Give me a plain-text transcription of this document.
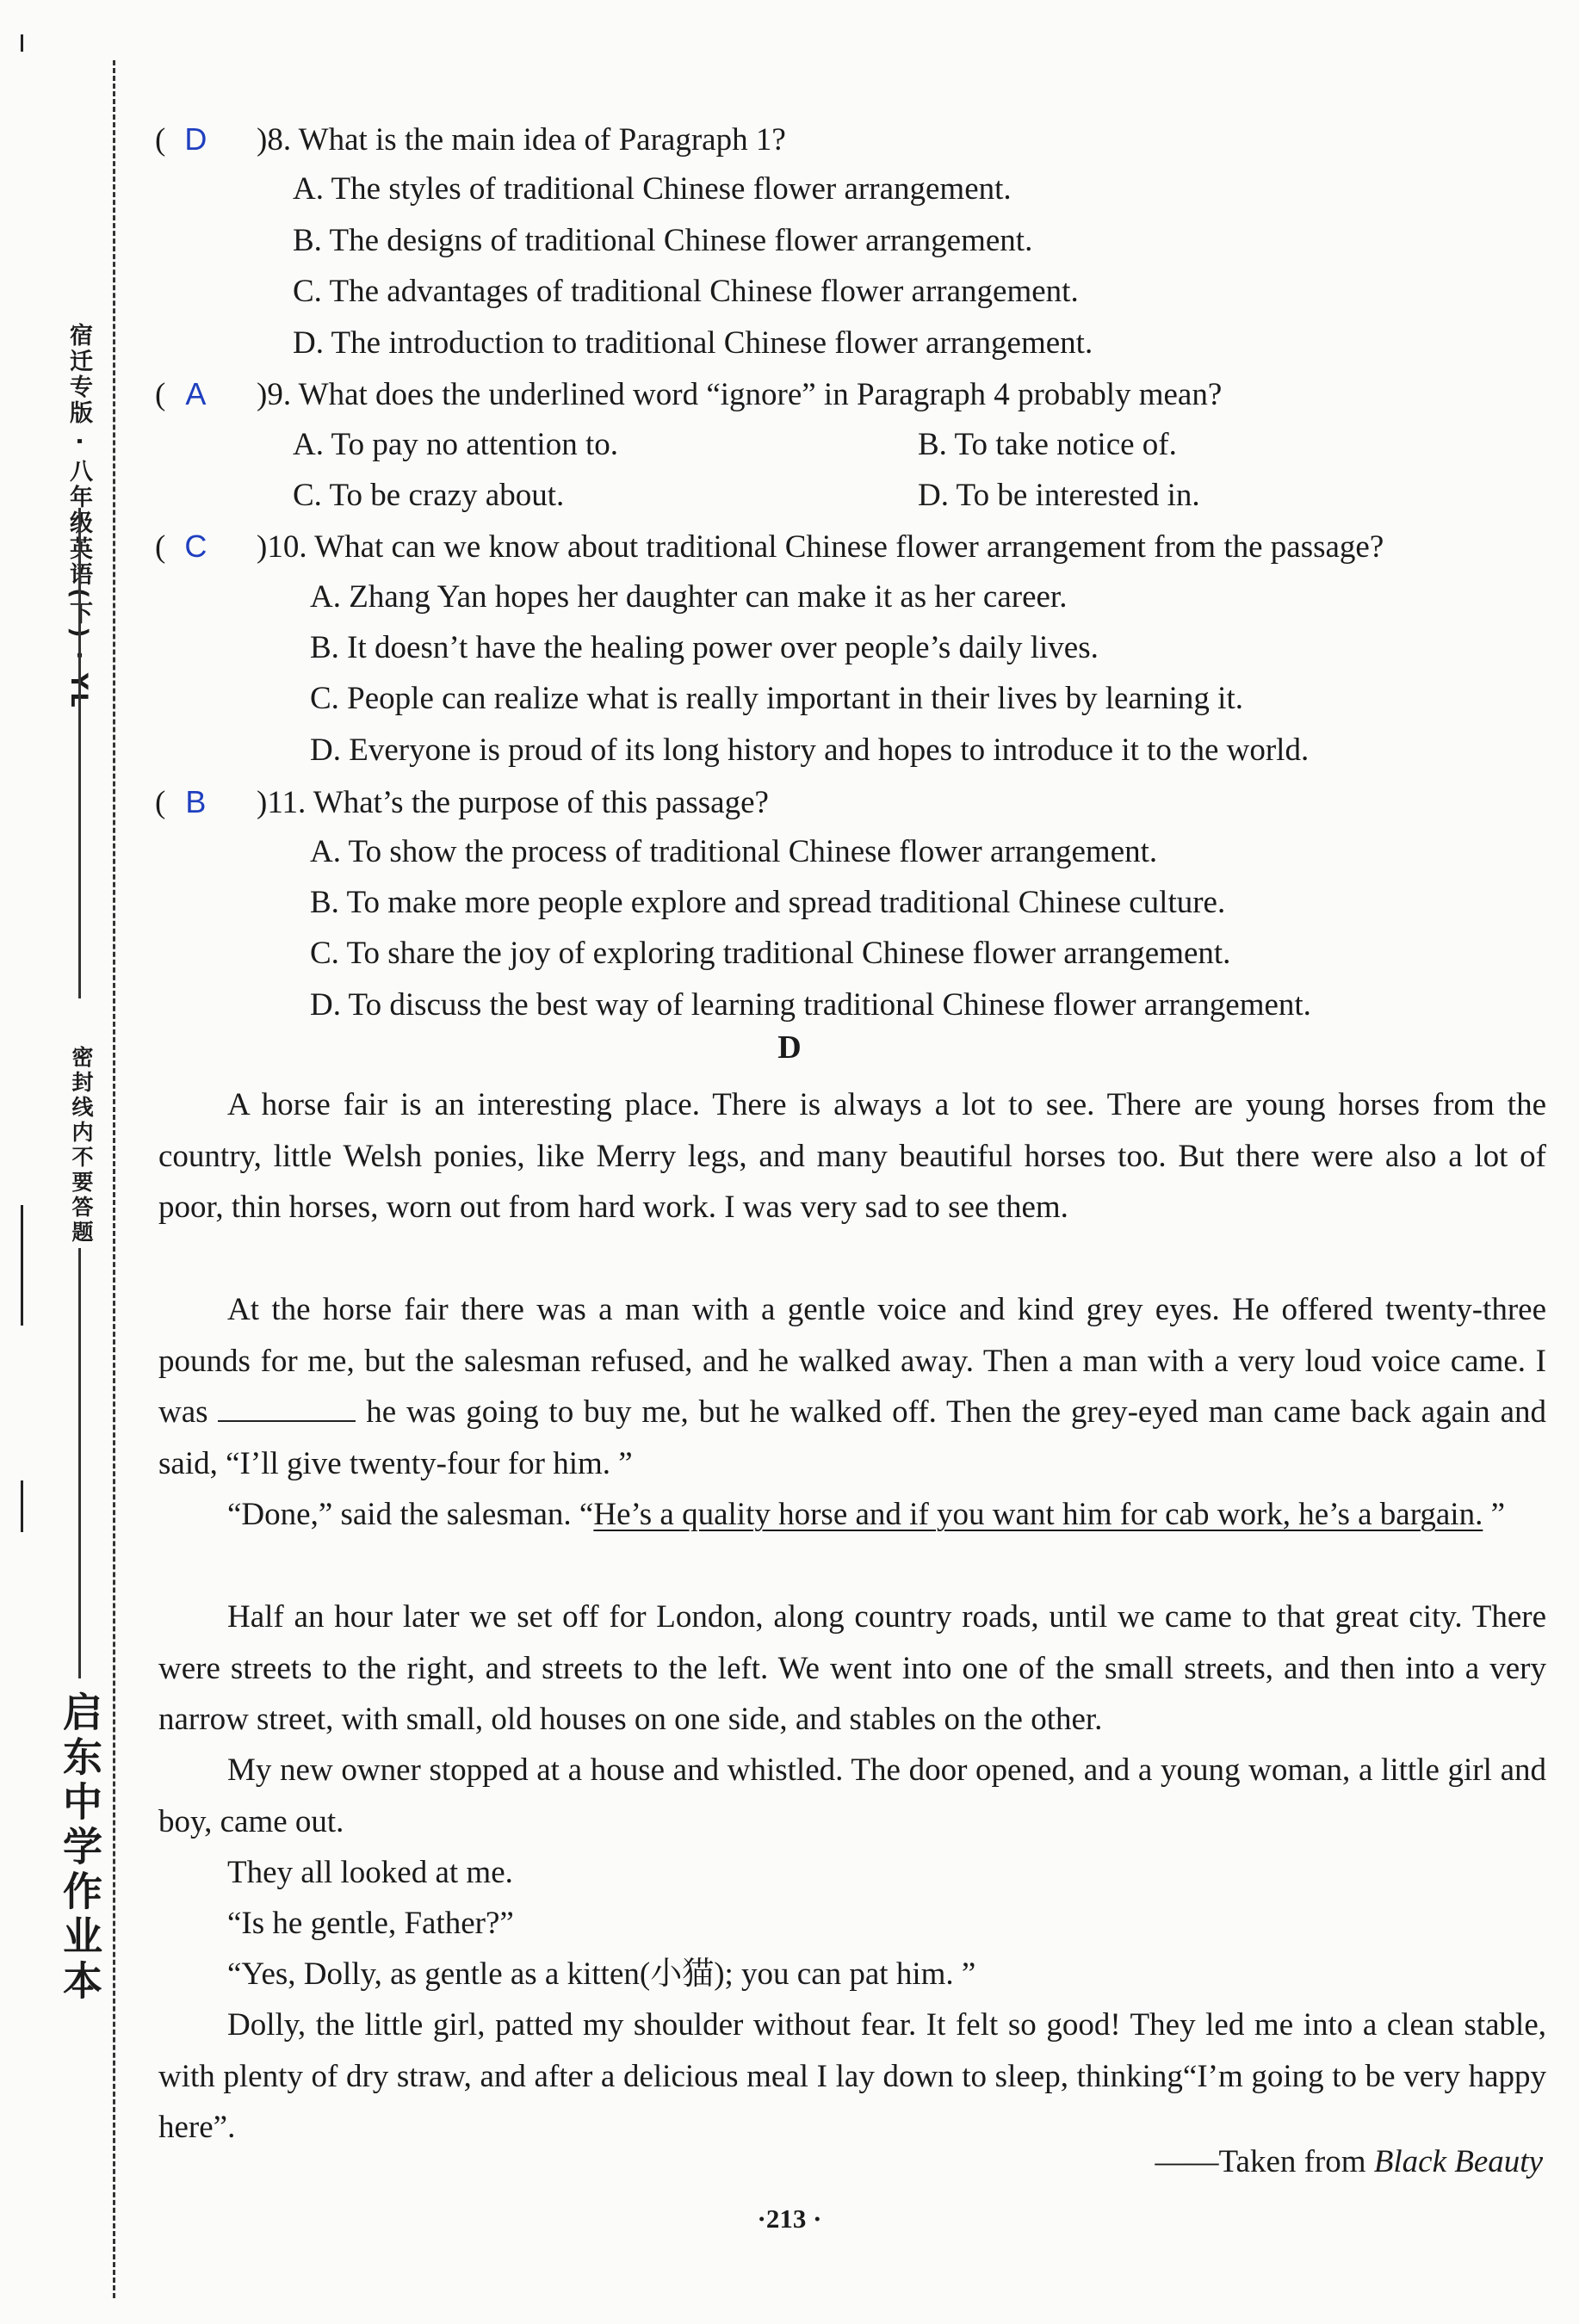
宿迁专版 · 八年级英语(下) · YL
密封线内不要答题
启东中学作业本
( D )8. What is the main idea of Paragraph 1?
A. The styles of traditional Chinese flower arrangement.
B. The designs of traditional Chinese flower arrangement.
C. The advantages of traditional Chinese flower arrangement.
D. The introduction to traditional Chinese flower arrangement.
( A )9. What does the underlined word “ignore” in Paragraph 4 probably mean?
A. To pay no attention to.	B. To take notice of.
C. To be crazy about.	D. To be interested in.
( C )10. What can we know about traditional Chinese flower arrangement from the passage?
A. Zhang Yan hopes her daughter can make it as her career.
B. It doesn’t have the healing power over people’s daily lives.
C. People can realize what is really important in their lives by learning it.
D. Everyone is proud of its long history and hopes to introduce it to the world.
( B )11. What’s the purpose of this passage?
A. To show the process of traditional Chinese flower arrangement.
B. To make more people explore and spread traditional Chinese culture.
C. To share the joy of exploring traditional Chinese flower arrangement.
D. To discuss the best way of learning traditional Chinese flower arrangement.
D
A horse fair is an interesting place. There is always a lot to see. There are young horses from the country, little Welsh ponies, like Merry legs, and many beautiful horses too. But there were also a lot of poor, thin horses, worn out from hard work. I was very sad to see them.
At the horse fair there was a man with a gentle voice and kind grey eyes. He offered twenty-three pounds for me, but the salesman refused, and he walked away. Then a man with a very loud voice came. I was	he was going to buy me, but he walked off. Then the grey-eyed man came back again and said, “I’ll give twenty-four for him. ”
“Done,” said the salesman. “He’s a quality horse and if you want him for cab work, he’s a bargain. ”
Half an hour later we set off for London, along country roads, until we came to that great city. There were streets to the right, and streets to the left. We went into one of the small streets, and then into a very narrow street, with small, old houses on one side, and stables on the other.
My new owner stopped at a house and whistled. The door opened, and a young woman, a little girl and boy, came out.
They all looked at me.
“Is he gentle, Father?”
“Yes, Dolly, as gentle as a kitten(小猫); you can pat him. ”
Dolly, the little girl, patted my shoulder without fear. It felt so good! They led me into a clean stable, with plenty of dry straw, and after a delicious meal I lay down to sleep, thinking“I’m going to be very happy here”.
——Taken from Black Beauty
·213 ·
